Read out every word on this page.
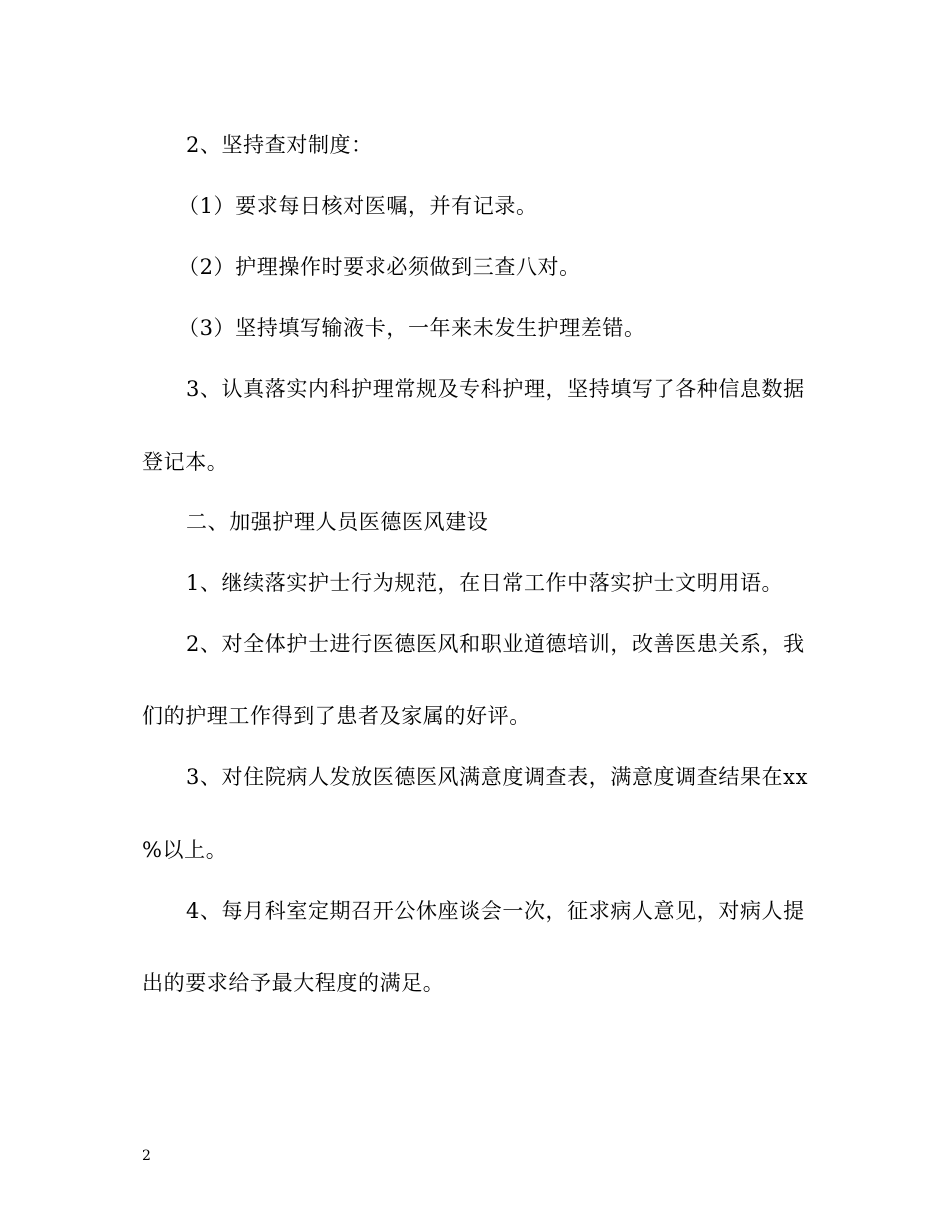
2、坚持查对制度：
（1）要求每日核对医嘱，并有记录。
（2）护理操作时要求必须做到三查八对。
（3）坚持填写输液卡，一年来未发生护理差错。
3、认真落实内科护理常规及专科护理，坚持填写了各种信息数据
登记本。
二、加强护理人员医德医风建设
1、继续落实护士行为规范，在日常工作中落实护士文明用语。
2、对全体护士进行医德医风和职业道德培训，改善医患关系，我
们的护理工作得到了患者及家属的好评。
3、对住院病人发放医德医风满意度调查表，满意度调查结果在xx
%以上。
4、每月科室定期召开公休座谈会一次，征求病人意见，对病人提
出的要求给予最大程度的满足。
2
